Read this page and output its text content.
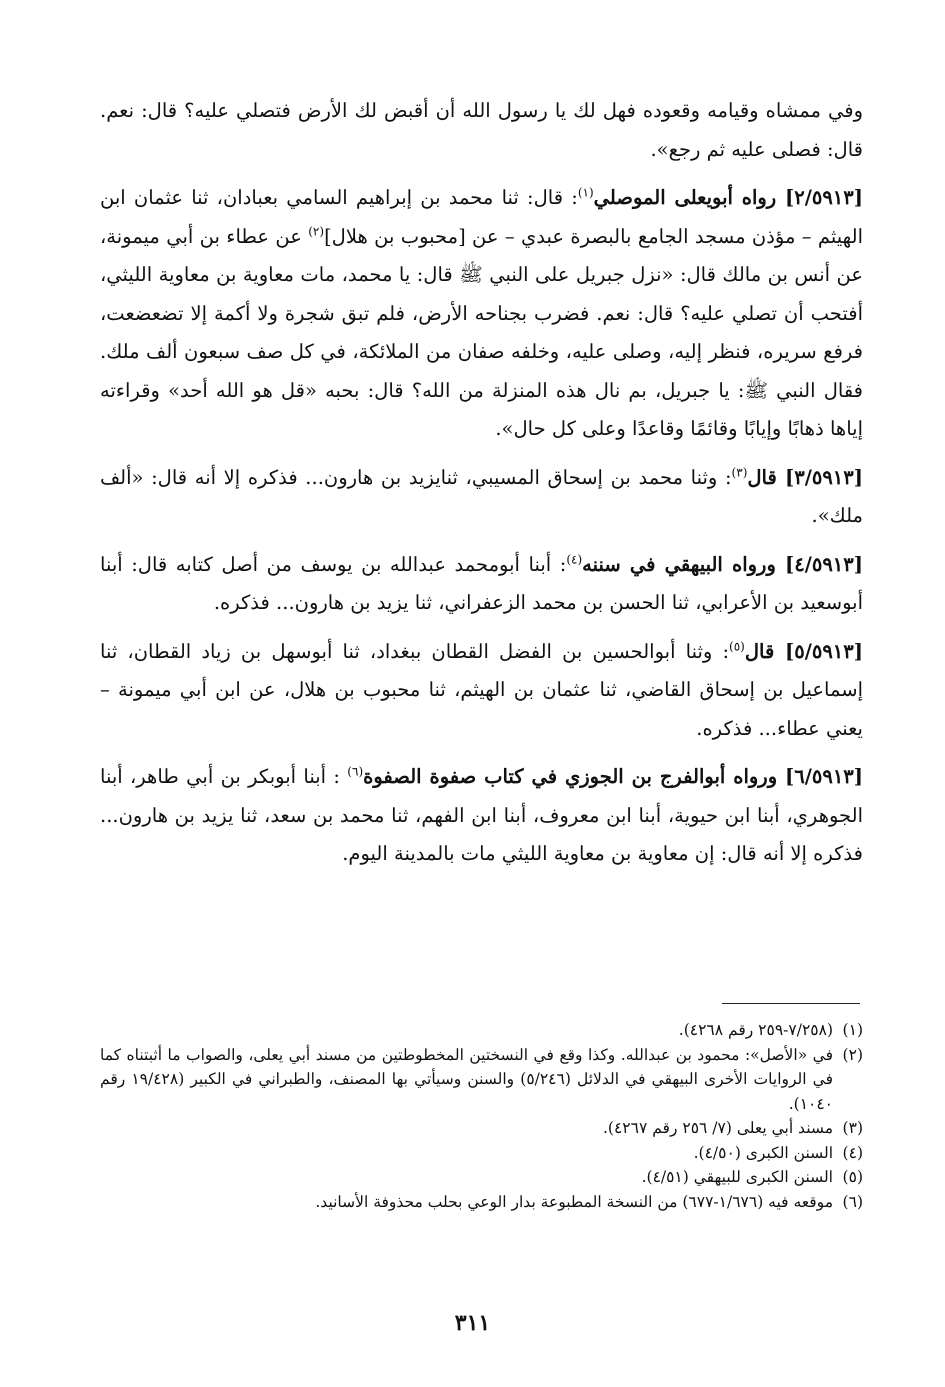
وفي ممشاه وقيامه وقعوده فهل لك يا رسول الله أن أقبض لك الأرض فتصلي عليه؟ قال: نعم. قال: فصلى عليه ثم رجع».

[٢/٥٩١٣] رواه أبويعلى الموصلي$^{(١)}$: قال: ثنا محمد بن إبراهيم السامي بعبادان، ثنا عثمان ابن الهيثم – مؤذن مسجد الجامع بالبصرة عبدي – عن [محبوب بن هلال]$^{(٢)}$ عن عطاء بن أبي ميمونة، عن أنس بن مالك قال: «نزل جبريل على النبي ﷺ قال: يا محمد، مات معاوية بن معاوية الليثي، أفتحب أن تصلي عليه؟ قال: نعم. فضرب بجناحه الأرض، فلم تبق شجرة ولا أكمة إلا تضعضعت، فرفع سريره، فنظر إليه، وصلى عليه، وخلفه صفان من الملائكة، في كل صف سبعون ألف ملك. فقال النبي ﷺ: يا جبريل، بم نال هذه المنزلة من الله؟ قال: بحبه «قل هو الله أحد» وقراءته إياها ذهابًا وإيابًا وقائمًا وقاعدًا وعلى كل حال».

[٣/٥٩١٣] قال$^{(٣)}$: وثنا محمد بن إسحاق المسيبي، ثنايزيد بن هارون... فذكره إلا أنه قال: «ألف ملك».

[٤/٥٩١٣] ورواه البيهقي في سننه$^{(٤)}$: أبنا أبومحمد عبدالله بن يوسف من أصل كتابه قال: أبنا أبوسعيد بن الأعرابي، ثنا الحسن بن محمد الزعفراني، ثنا يزيد بن هارون... فذكره.

[٥/٥٩١٣] قال$^{(٥)}$: وثنا أبوالحسين بن الفضل القطان ببغداد، ثنا أبوسهل بن زياد القطان، ثنا إسماعيل بن إسحاق القاضي، ثنا عثمان بن الهيثم، ثنا محبوب بن هلال، عن ابن أبي ميمونة – يعني عطاء... فذكره.

[٦/٥٩١٣] ورواه أبوالفرج بن الجوزي في كتاب صفوة الصفوة$^{(٦)}$ : أبنا أبوبكر بن أبي طاهر، أبنا الجوهري، أبنا ابن حيوية، أبنا ابن معروف، أبنا ابن الفهم، ثنا محمد بن سعد، ثنا يزيد بن هارون... فذكره إلا أنه قال: إن معاوية بن معاوية الليثي مات بالمدينة اليوم.

(١)
(٧/٢٥٨-٢٥٩ رقم ٤٢٦٨).

(٢)
في «الأصل»: محمود بن عبدالله. وكذا وقع في النسختين المخطوطتين من مسند أبي يعلى، والصواب ما أثبتناه كما في الروايات الأخرى البيهقي في الدلائل (٥/٢٤٦) والسنن وسيأتي بها المصنف، والطبراني في الكبير (١٩/٤٢٨ رقم ١٠٤٠).

(٣)
مسند أبي يعلى (٧/ ٢٥٦ رقم ٤٢٦٧).

(٤)
السنن الكبرى (٤/٥٠).

(٥)
السنن الكبرى للبيهقي (٤/٥١).

(٦)
موقعه فيه (١/٦٧٦-٦٧٧) من النسخة المطبوعة بدار الوعي بحلب محذوفة الأسانيد.

٣١١
